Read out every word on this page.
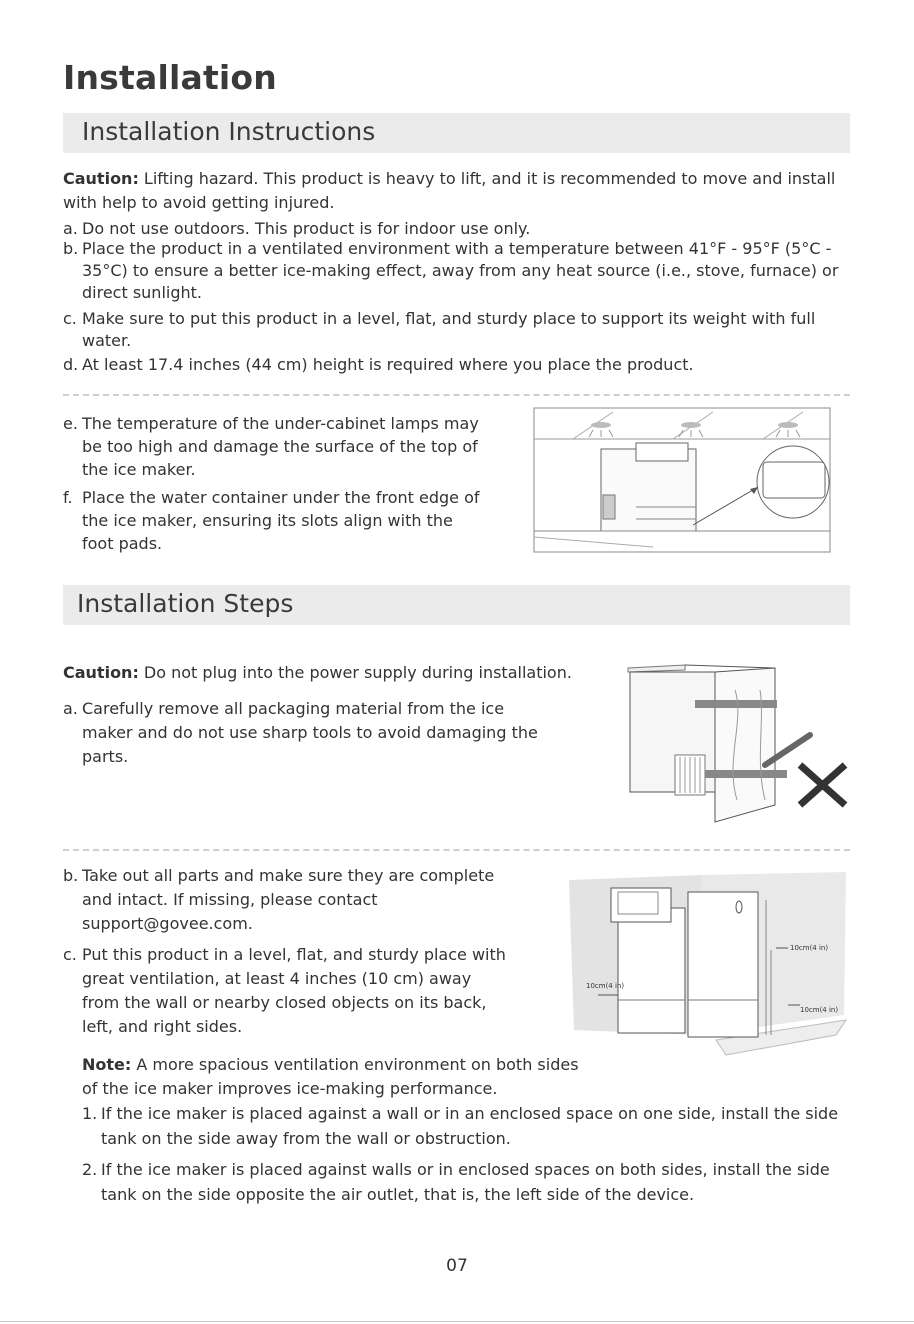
Installation
Installation Instructions
Caution: Lifting hazard. This product is heavy to lift, and it is recommended to move and install with help to avoid getting injured.
a. Do not use outdoors. This product is for indoor use only.
b. Place the product in a ventilated environment with a temperature between 41°F - 95°F (5°C - 35°C) to ensure a better ice-making effect, away from any heat source (i.e., stove, furnace) or direct sunlight.
c. Make sure to put this product in a level, flat, and sturdy place to support its weight with full water.
d. At least 17.4 inches (44 cm) height is required where you place the product.
e. The temperature of the under-cabinet lamps may be too high and damage the surface of the top of the ice maker.
f. Place the water container under the front edge of the ice maker, ensuring its slots align with the foot pads.
Installation Steps
Caution: Do not plug into the power supply during installation.
a. Carefully remove all packaging material from the ice maker and do not use sharp tools to avoid damaging the parts.
b. Take out all parts and make sure they are complete and intact. If missing, please contact support@govee.com.
c. Put this product in a level, flat, and sturdy place with great ventilation, at least 4 inches (10 cm) away from the wall or nearby closed objects on its back, left, and right sides.
10cm(4 in)
10cm(4 in)
10cm(4 in)
Note: A more spacious ventilation environment on both sides of the ice maker improves ice-making performance.
1. If the ice maker is placed against a wall or in an enclosed space on one side, install the side tank on the side away from the wall or obstruction.
2. If the ice maker is placed against walls or in enclosed spaces on both sides, install the side tank on the side opposite the air outlet, that is, the left side of the device.
07
